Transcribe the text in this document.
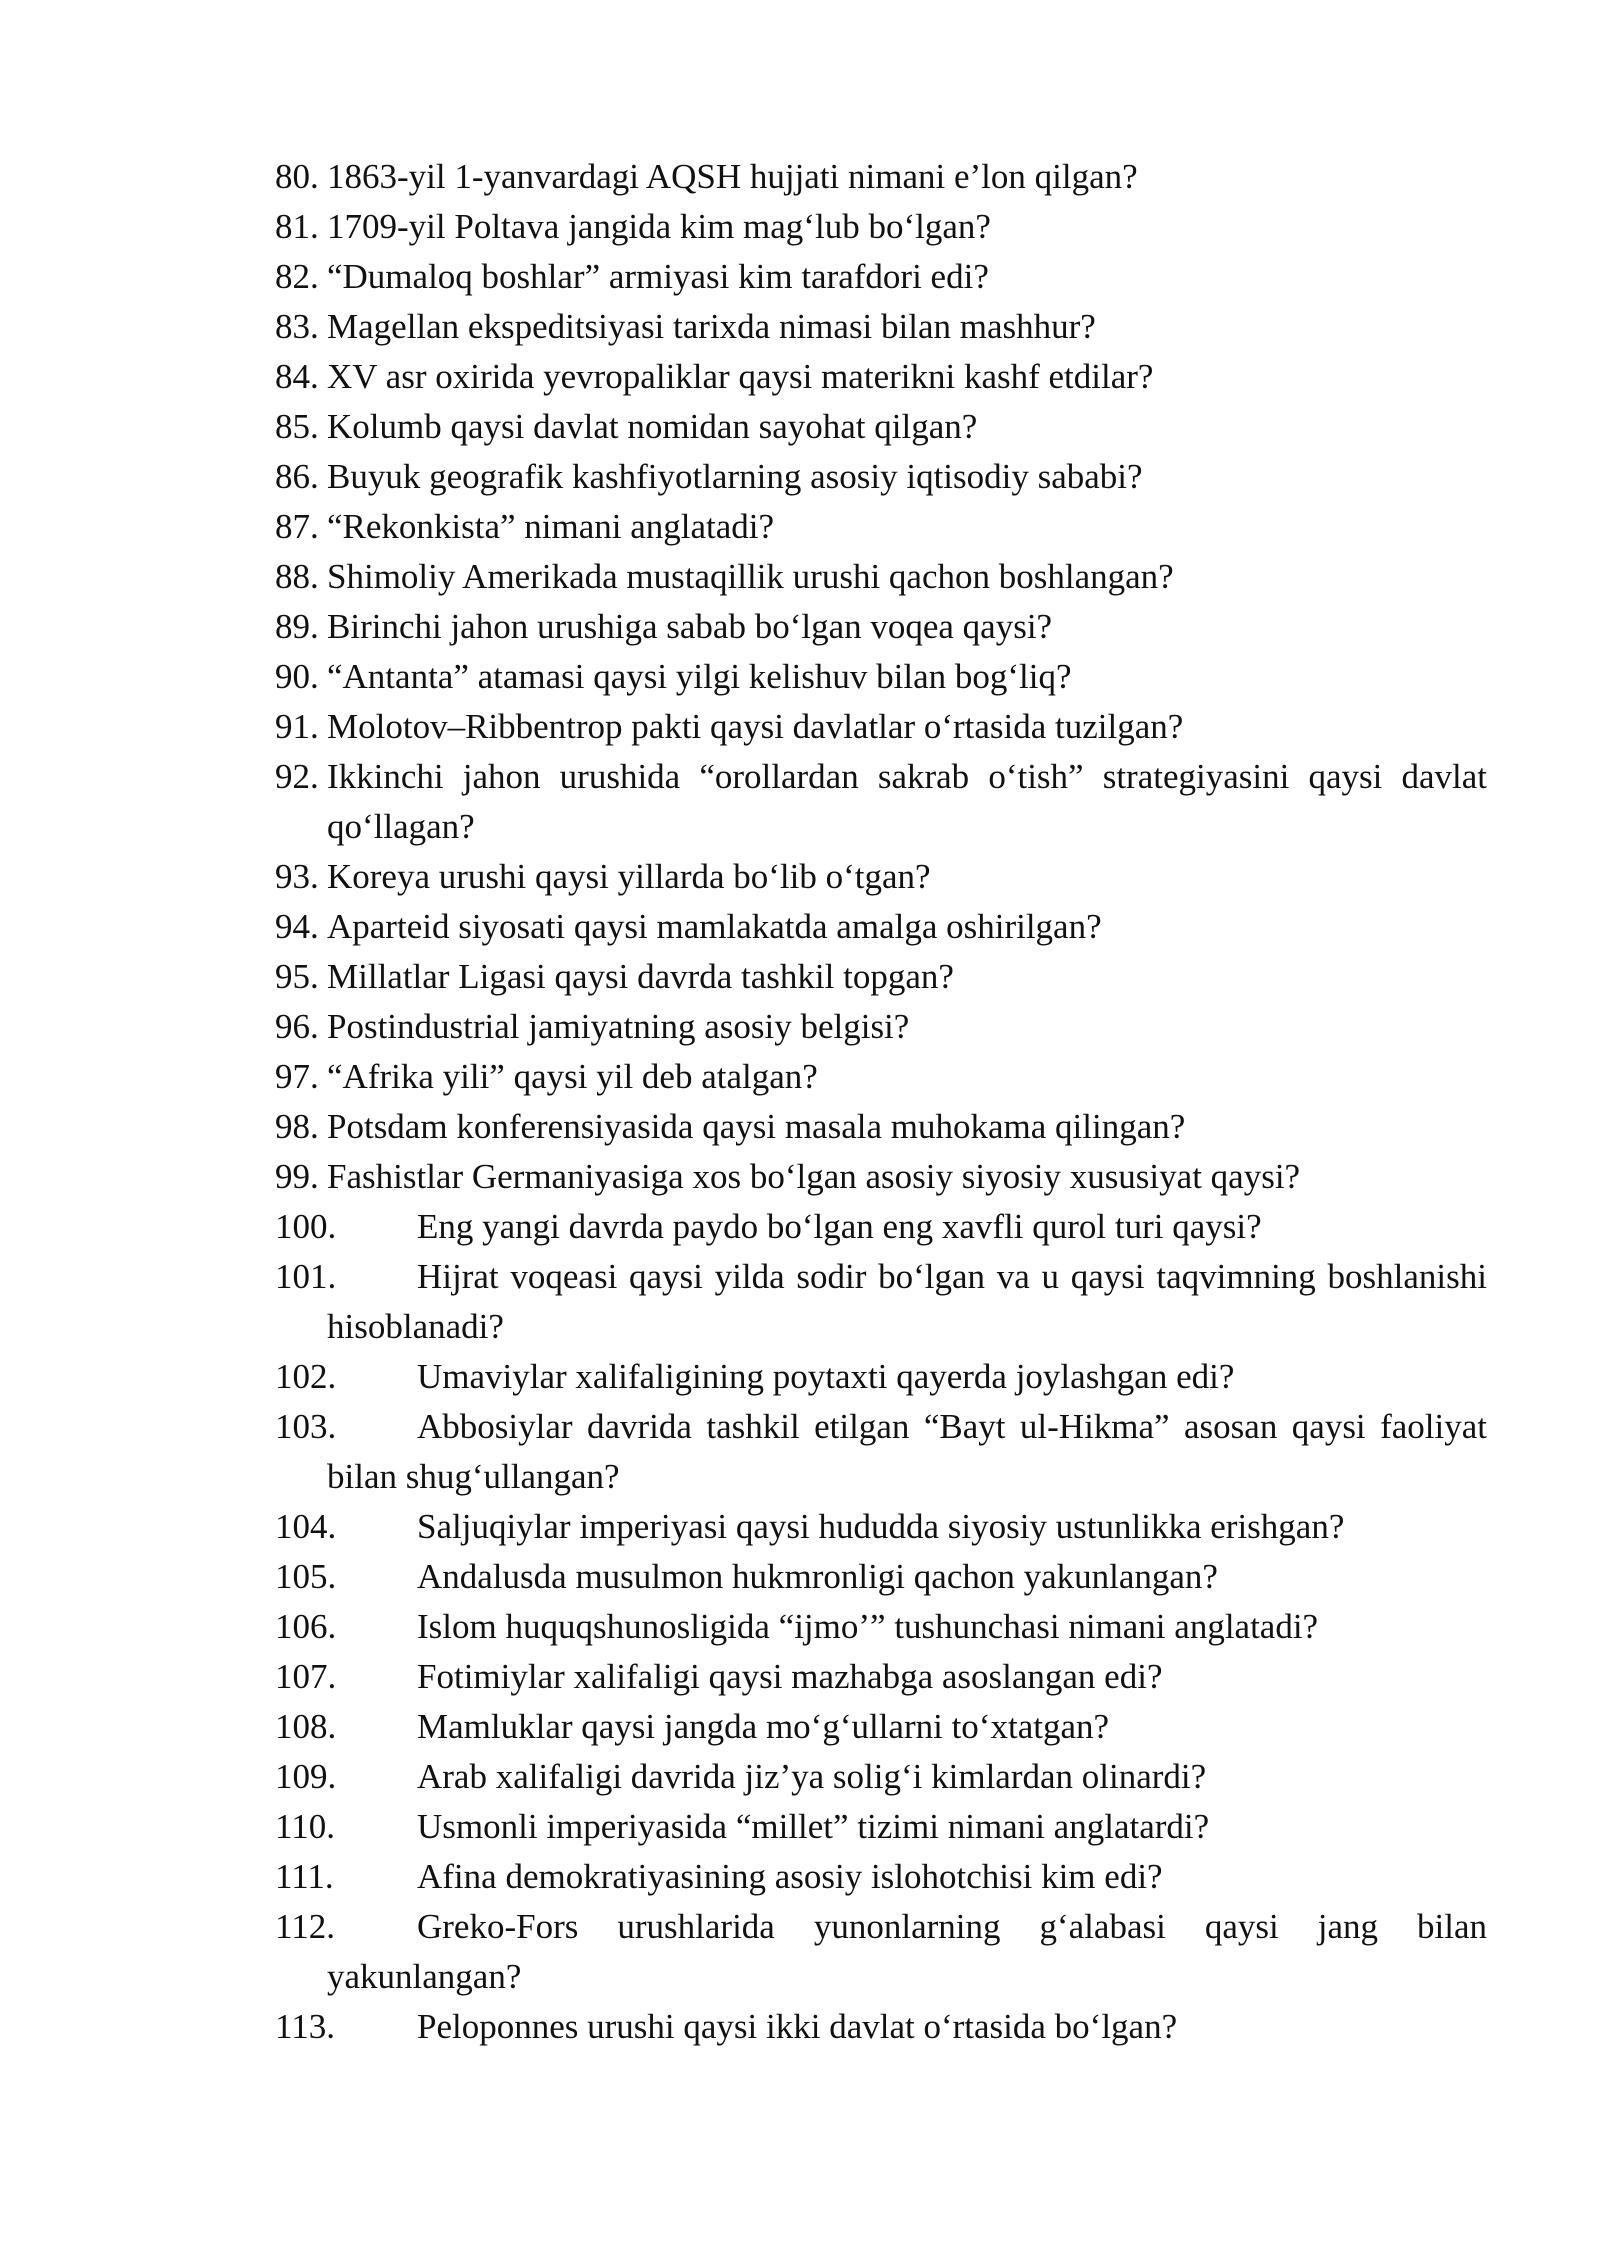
80. 1863-yil 1-yanvardagi AQSH hujjati nimani e’lon qilgan?
81. 1709-yil Poltava jangida kim mag‘lub bo‘lgan?
82. “Dumaloq boshlar” armiyasi kim tarafdori edi?
83. Magellan ekspeditsiyasi tarixda nimasi bilan mashhur?
84. XV asr oxirida yevropaliklar qaysi materikni kashf etdilar?
85. Kolumb qaysi davlat nomidan sayohat qilgan?
86. Buyuk geografik kashfiyotlarning asosiy iqtisodiy sababi?
87. “Rekonkista” nimani anglatadi?
88. Shimoliy Amerikada mustaqillik urushi qachon boshlangan?
89. Birinchi jahon urushiga sabab bo‘lgan voqea qaysi?
90. “Antanta” atamasi qaysi yilgi kelishuv bilan bog‘liq?
91. Molotov–Ribbentrop pakti qaysi davlatlar o‘rtasida tuzilgan?
92. Ikkinchi jahon urushida “orollardan sakrab o‘tish” strategiyasini qaysi davlat qo‘llagan?
93. Koreya urushi qaysi yillarda bo‘lib o‘tgan?
94. Aparteid siyosati qaysi mamlakatda amalga oshirilgan?
95. Millatlar Ligasi qaysi davrda tashkil topgan?
96. Postindustrial jamiyatning asosiy belgisi?
97. “Afrika yili” qaysi yil deb atalgan?
98. Potsdam konferensiyasida qaysi masala muhokama qilingan?
99. Fashistlar Germaniyasiga xos bo‘lgan asosiy siyosiy xususiyat qaysi?
100. Eng yangi davrda paydo bo‘lgan eng xavfli qurol turi qaysi?
101. Hijrat voqeasi qaysi yilda sodir bo‘lgan va u qaysi taqvimning boshlanishi hisoblanadi?
102. Umaviylar xalifaligining poytaxti qayerda joylashgan edi?
103. Abbosiylar davrida tashkil etilgan “Bayt ul-Hikma” asosan qaysi faoliyat bilan shug‘ullangan?
104. Saljuqiylar imperiyasi qaysi hududda siyosiy ustunlikka erishgan?
105. Andalusda musulmon hukmronligi qachon yakunlangan?
106. Islom huquqshunosligida “ijmo’” tushunchasi nimani anglatadi?
107. Fotimiylar xalifaligi qaysi mazhabga asoslangan edi?
108. Mamluklar qaysi jangda mo‘g‘ullarni to‘xtatgan?
109. Arab xalifaligi davrida jiz’ya solig‘i kimlardan olinardi?
110. Usmonli imperiyasida “millet” tizimi nimani anglatardi?
111. Afina demokratiyasining asosiy islohotchisi kim edi?
112. Greko-Fors urushlarida yunonlarning g‘alabasi qaysi jang bilan yakunlangan?
113. Peloponnes urushi qaysi ikki davlat o‘rtasida bo‘lgan?
